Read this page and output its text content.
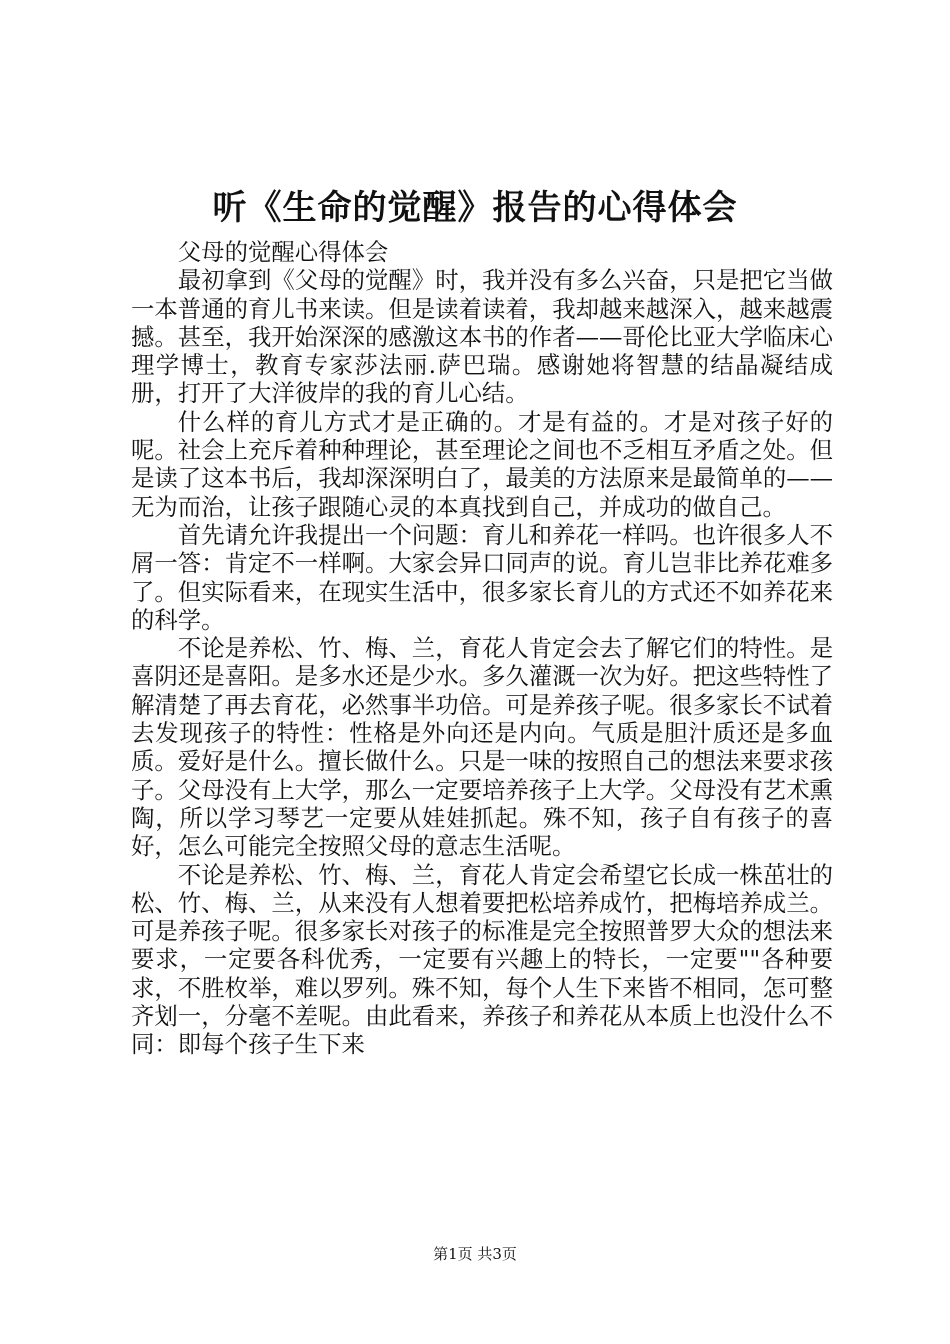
听《生命的觉醒》报告的心得体会

父母的觉醒心得体会

最初拿到《父母的觉醒》时，我并没有多么兴奋，只是把它当做一本普通的育儿书来读。但是读着读着，我却越来越深入，越来越震撼。甚至，我开始深深的感激这本书的作者——哥伦比亚大学临床心理学博士，教育专家莎法丽.萨巴瑞。感谢她将智慧的结晶凝结成册，打开了大洋彼岸的我的育儿心结。

什么样的育儿方式才是正确的。才是有益的。才是对孩子好的呢。社会上充斥着种种理论，甚至理论之间也不乏相互矛盾之处。但是读了这本书后，我却深深明白了，最美的方法原来是最简单的——无为而治，让孩子跟随心灵的本真找到自己，并成功的做自己。

首先请允许我提出一个问题：育儿和养花一样吗。也许很多人不屑一答：肯定不一样啊。大家会异口同声的说。育儿岂非比养花难多了。但实际看来，在现实生活中，很多家长育儿的方式还不如养花来的科学。

不论是养松、竹、梅、兰，育花人肯定会去了解它们的特性。是喜阴还是喜阳。是多水还是少水。多久灌溉一次为好。把这些特性了解清楚了再去育花，必然事半功倍。可是养孩子呢。很多家长不试着去发现孩子的特性：性格是外向还是内向。气质是胆汁质还是多血质。爱好是什么。擅长做什么。只是一味的按照自己的想法来要求孩子。父母没有上大学，那么一定要培养孩子上大学。父母没有艺术熏陶，所以学习琴艺一定要从娃娃抓起。殊不知，孩子自有孩子的喜好，怎么可能完全按照父母的意志生活呢。

不论是养松、竹、梅、兰，育花人肯定会希望它长成一株茁壮的松、竹、梅、兰，从来没有人想着要把松培养成竹，把梅培养成兰。可是养孩子呢。很多家长对孩子的标准是完全按照普罗大众的想法来要求，一定要各科优秀，一定要有兴趣上的特长，一定要""各种要求，不胜枚举，难以罗列。殊不知，每个人生下来皆不相同，怎可整齐划一，分毫不差呢。由此看来，养孩子和养花从本质上也没什么不同：即每个孩子生下来

第1页 共3页
